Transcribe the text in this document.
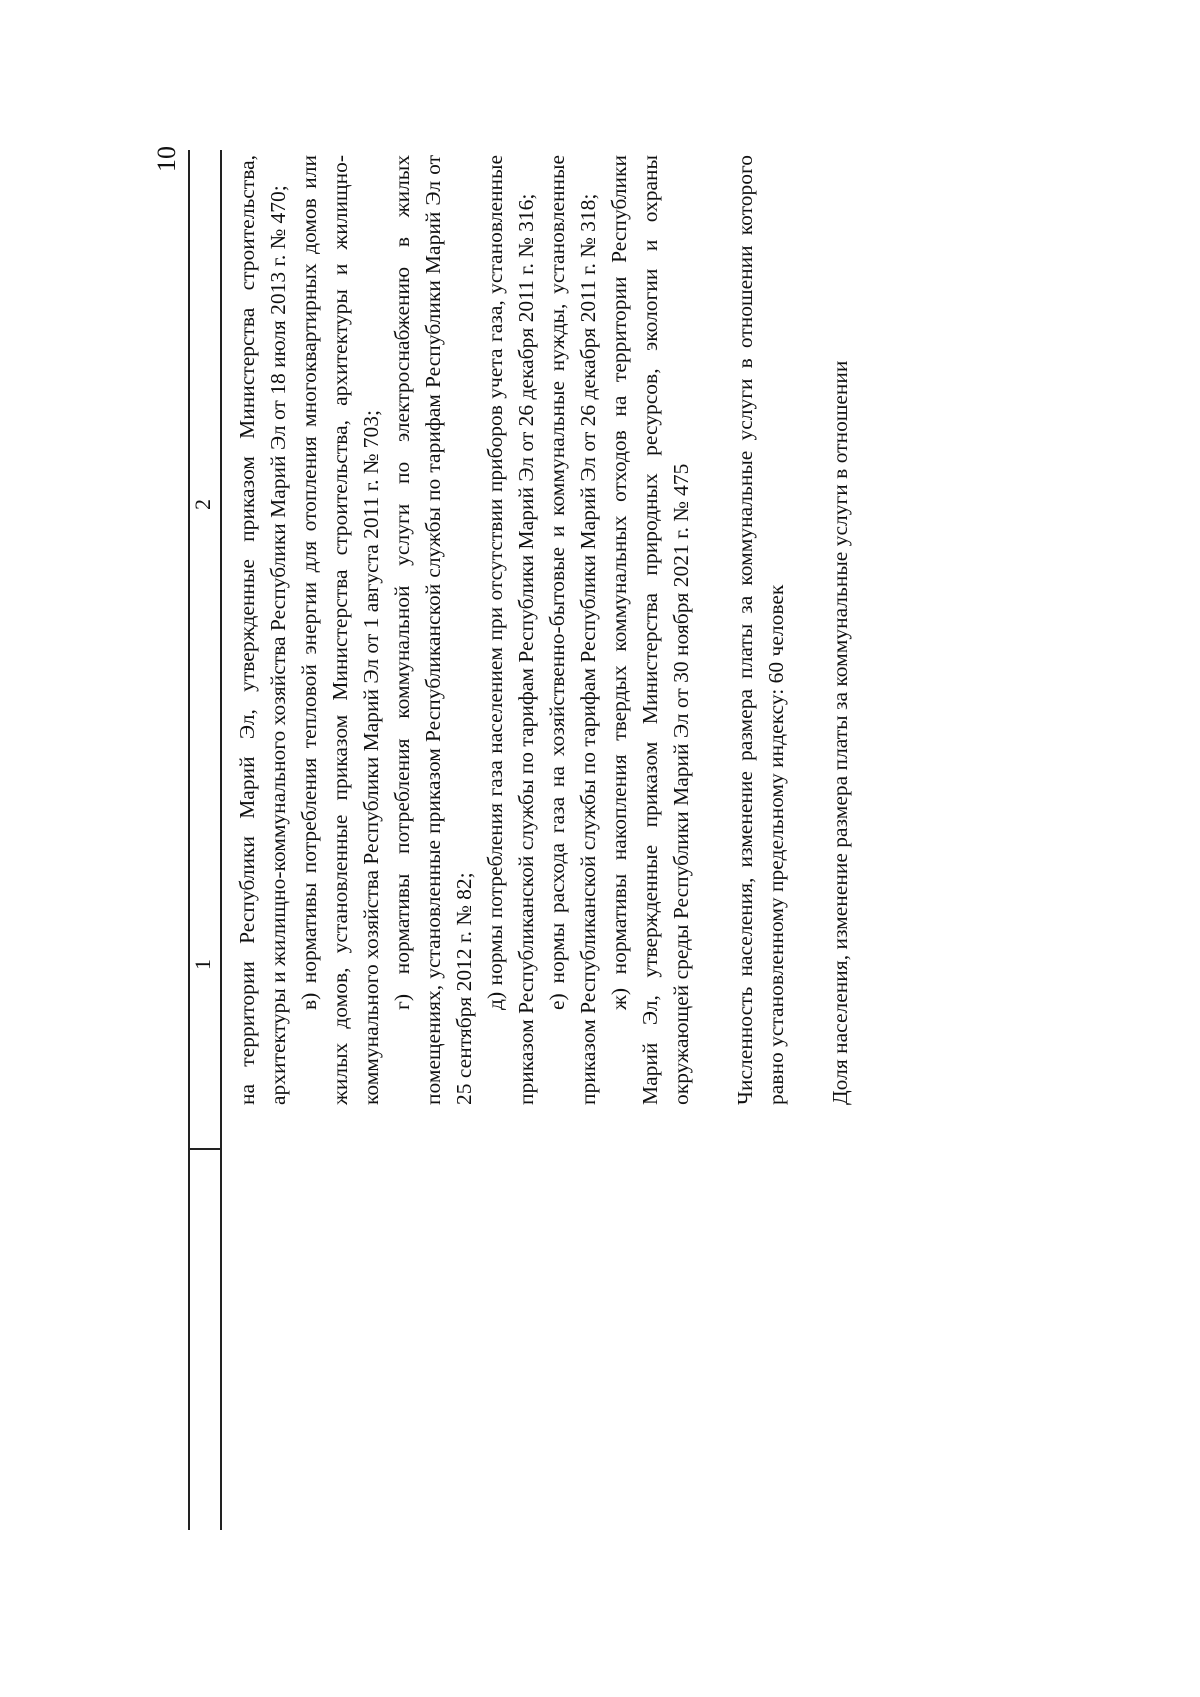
10
1
2 на территории Республики Марий Эл, утвержденные приказом Министерства строительства, архитектуры и жилищно-коммунального хозяйства Республики Марий Эл от 18 июля 2013 г. № 470; в) нормативы потребления тепловой энергии для отопления многоквартирных домов или жилых домов, установленные приказом Министерства строительства, архитектуры и жилищно-коммунального хозяйства Республики Марий Эл от 1 августа 2011 г. № 703; г) нормативы потребления коммунальной услуги по электроснабжению в жилых помещениях, установленные приказом Республиканской службы по тарифам Республики Марий Эл от 25 сентября 2012 г. № 82; д) нормы потребления газа населением при отсутствии приборов учета газа, установленные приказом Республиканской службы по тарифам Республики Марий Эл от 26 декабря 2011 г. № 316; е) нормы расхода газа на хозяйственно-бытовые и коммунальные нужды, установленные приказом Республиканской службы по тарифам Республики Марий Эл от 26 декабря 2011 г. № 318; ж) нормативы накопления твердых коммунальных отходов на территории Республики Марий Эл, утвержденные приказом Министерства природных ресурсов, экологии и охраны окружающей среды Республики Марий Эл от 30 ноября 2021 г. № 475 Численность населения, изменение размера платы за коммунальные услуги в отношении которого равно установленному предельному индексу: 60 человек Доля населения, изменение размера платы за коммунальные услуги в отношении
